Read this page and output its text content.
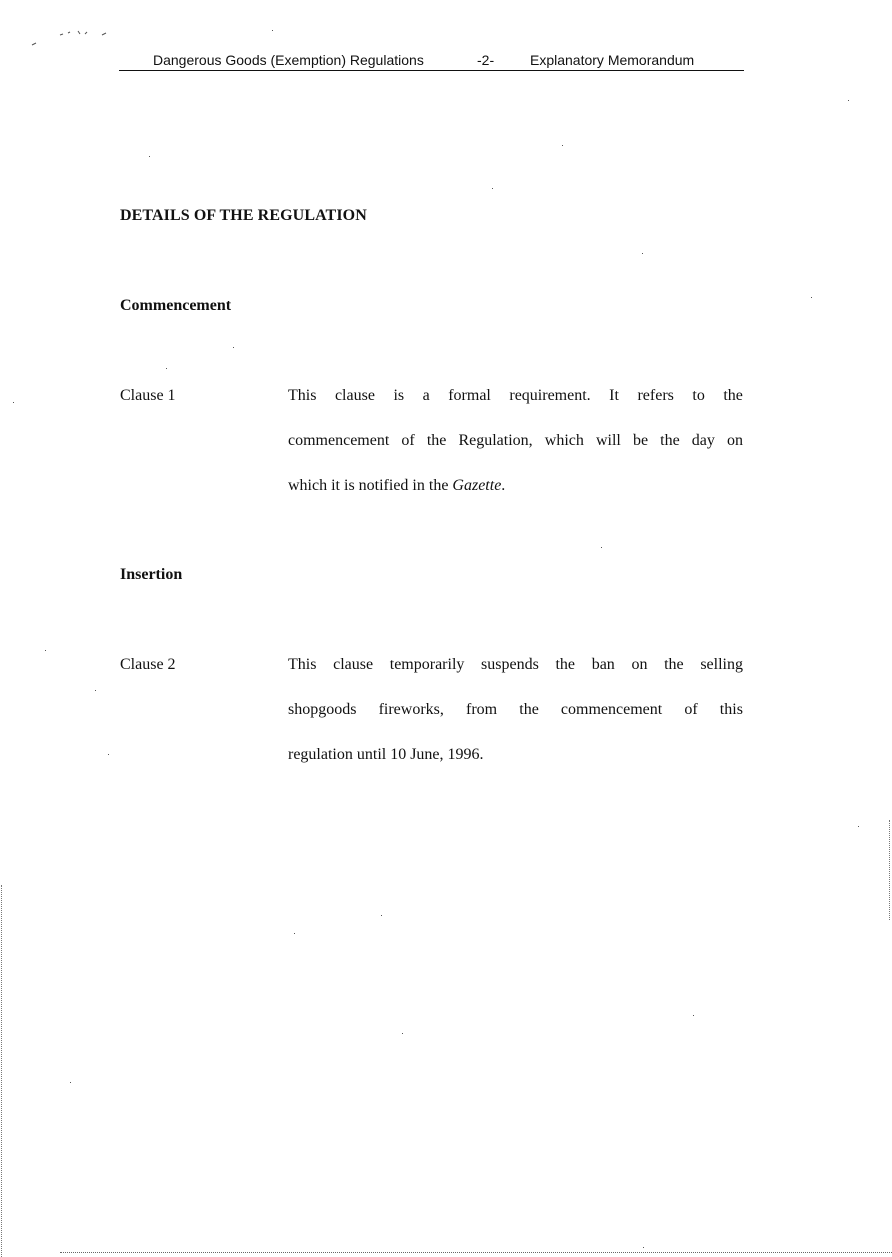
Dangerous Goods (Exemption) Regulations	-2-	Explanatory Memorandum
DETAILS OF THE REGULATION
Commencement
Clause 1	This clause is a formal requirement. It refers to the
commencement of the Regulation, which will be the day on
which it is notified in the Gazette.
Insertion
Clause 2	This clause temporarily suspends the ban on the selling
shopgoods fireworks, from the commencement of this
regulation until 10 June, 1996.
